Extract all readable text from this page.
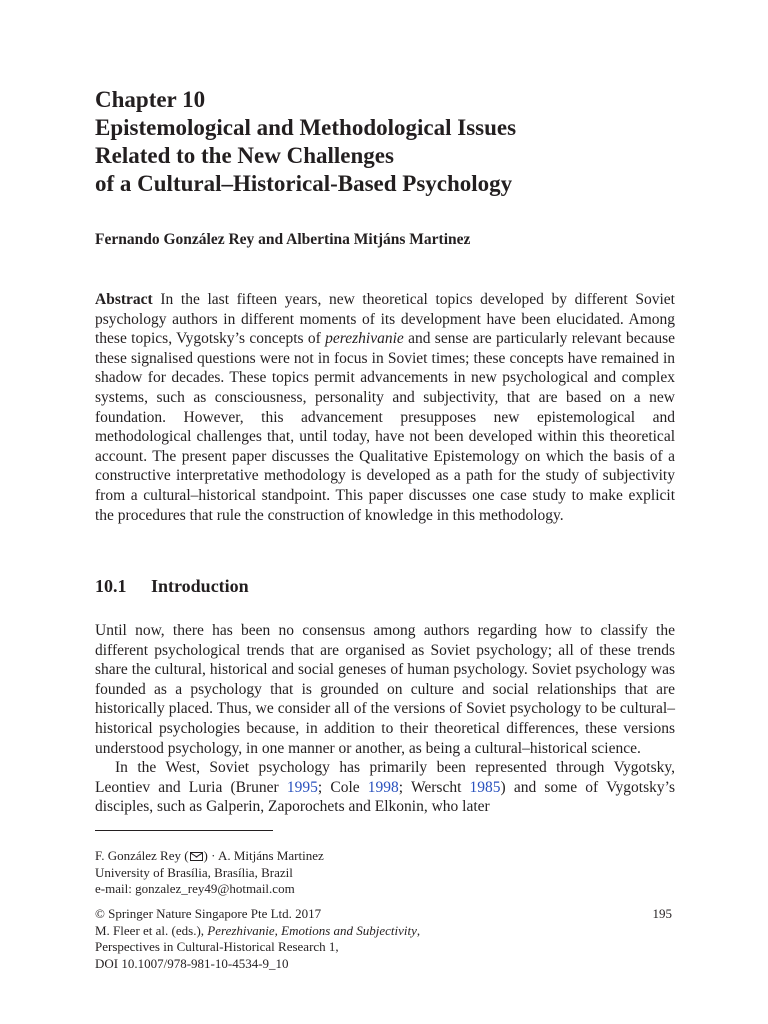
Chapter 10
Epistemological and Methodological Issues
Related to the New Challenges
of a Cultural–Historical-Based Psychology
Fernando González Rey and Albertina Mitjáns Martinez

Abstract In the last fifteen years, new theoretical topics developed by different Soviet psychology authors in different moments of its development have been elucidated. Among these topics, Vygotsky’s concepts of perezhivanie and sense are particularly relevant because these signalised questions were not in focus in Soviet times; these concepts have remained in shadow for decades. These topics permit advancements in new psychological and complex systems, such as consciousness, personality and subjectivity, that are based on a new foundation. However, this advancement presupposes new epistemological and methodological challenges that, until today, have not been developed within this theoretical account. The present paper discusses the Qualitative Epistemology on which the basis of a constructive interpretative methodology is developed as a path for the study of subjectivity from a cultural–historical standpoint. This paper discusses one case study to make explicit the procedures that rule the construction of knowledge in this methodology.

10.1 Introduction

Until now, there has been no consensus among authors regarding how to classify the different psychological trends that are organised as Soviet psychology; all of these trends share the cultural, historical and social geneses of human psychology. Soviet psychology was founded as a psychology that is grounded on culture and social relationships that are historically placed. Thus, we consider all of the versions of Soviet psychology to be cultural–historical psychologies because, in addition to their theoretical differences, these versions understood psychology, in one manner or another, as being a cultural–historical science.

In the West, Soviet psychology has primarily been represented through Vygotsky, Leontiev and Luria (Bruner 1995; Cole 1998; Werscht 1985) and some of Vygotsky’s disciples, such as Galperin, Zaporochets and Elkonin, who later

F. González Rey ( ) · A. Mitjáns Martinez
University of Brasília, Brasília, Brazil
e-mail: gonzalez_rey49@hotmail.com
© Springer Nature Singapore Pte Ltd. 2017
M. Fleer et al. (eds.), Perezhivanie, Emotions and Subjectivity,
Perspectives in Cultural-Historical Research 1,
DOI 10.1007/978-981-10-4534-9_10
195
